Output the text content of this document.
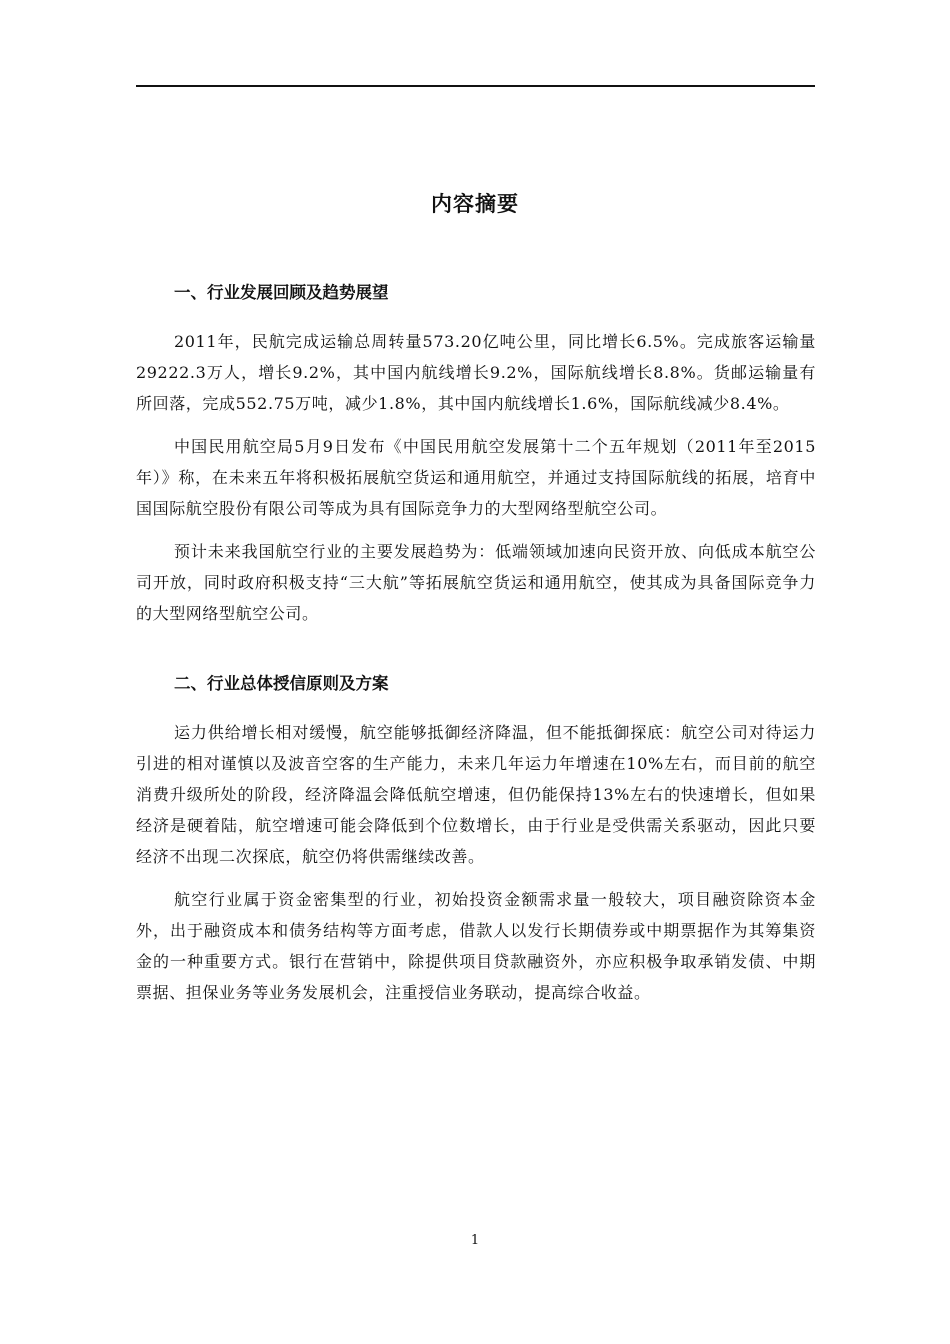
内容摘要
一、行业发展回顾及趋势展望

2011年，民航完成运输总周转量573.20亿吨公里，同比增长6.5%。完成旅客运输量29222.3万人，增长9.2%，其中国内航线增长9.2%，国际航线增长8.8%。货邮运输量有所回落，完成552.75万吨，减少1.8%，其中国内航线增长1.6%，国际航线减少8.4%。

中国民用航空局5月9日发布《中国民用航空发展第十二个五年规划（2011年至2015年）》称，在未来五年将积极拓展航空货运和通用航空，并通过支持国际航线的拓展，培育中国国际航空股份有限公司等成为具有国际竞争力的大型网络型航空公司。

预计未来我国航空行业的主要发展趋势为：低端领域加速向民资开放、向低成本航空公司开放，同时政府积极支持“三大航”等拓展航空货运和通用航空，使其成为具备国际竞争力的大型网络型航空公司。

二、行业总体授信原则及方案

运力供给增长相对缓慢，航空能够抵御经济降温，但不能抵御探底：航空公司对待运力引进的相对谨慎以及波音空客的生产能力，未来几年运力年增速在10%左右，而目前的航空消费升级所处的阶段，经济降温会降低航空增速，但仍能保持13%左右的快速增长，但如果经济是硬着陆，航空增速可能会降低到个位数增长，由于行业是受供需关系驱动，因此只要经济不出现二次探底，航空仍将供需继续改善。

航空行业属于资金密集型的行业，初始投资金额需求量一般较大，项目融资除资本金外，出于融资成本和债务结构等方面考虑，借款人以发行长期债券或中期票据作为其筹集资金的一种重要方式。银行在营销中，除提供项目贷款融资外，亦应积极争取承销发债、中期票据、担保业务等业务发展机会，注重授信业务联动，提高综合收益。

1
